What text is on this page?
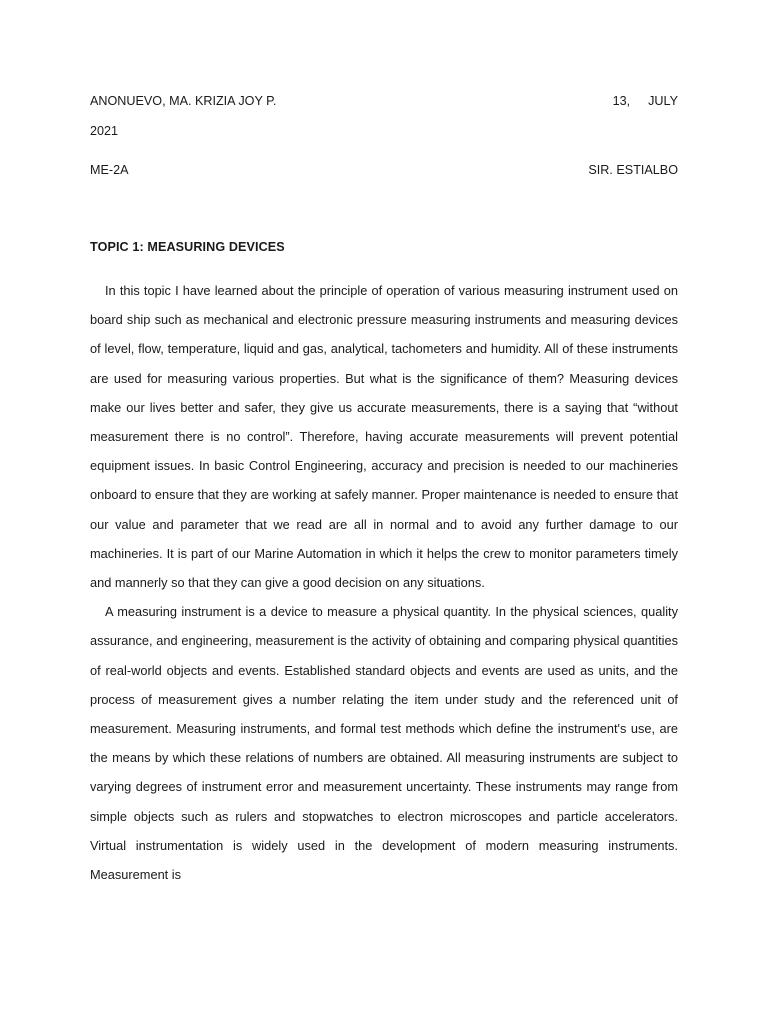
ANONUEVO, MA. KRIZIA JOY P.	13, JULY
2021
ME-2A	SIR. ESTIALBO
TOPIC 1: MEASURING DEVICES

In this topic I have learned about the principle of operation of various measuring instrument used on board ship such as mechanical and electronic pressure measuring instruments and measuring devices of level, flow, temperature, liquid and gas, analytical, tachometers and humidity. All of these instruments are used for measuring various properties. But what is the significance of them? Measuring devices make our lives better and safer, they give us accurate measurements, there is a saying that “without measurement there is no control”. Therefore, having accurate measurements will prevent potential equipment issues. In basic Control Engineering, accuracy and precision is needed to our machineries onboard to ensure that they are working at safely manner. Proper maintenance is needed to ensure that our value and parameter that we read are all in normal and to avoid any further damage to our machineries. It is part of our Marine Automation in which it helps the crew to monitor parameters timely and mannerly so that they can give a good decision on any situations.

A measuring instrument is a device to measure a physical quantity. In the physical sciences, quality assurance, and engineering, measurement is the activity of obtaining and comparing physical quantities of real-world objects and events. Established standard objects and events are used as units, and the process of measurement gives a number relating the item under study and the referenced unit of measurement. Measuring instruments, and formal test methods which define the instrument's use, are the means by which these relations of numbers are obtained. All measuring instruments are subject to varying degrees of instrument error and measurement uncertainty. These instruments may range from simple objects such as rulers and stopwatches to electron microscopes and particle accelerators. Virtual instrumentation is widely used in the development of modern measuring instruments. Measurement is
